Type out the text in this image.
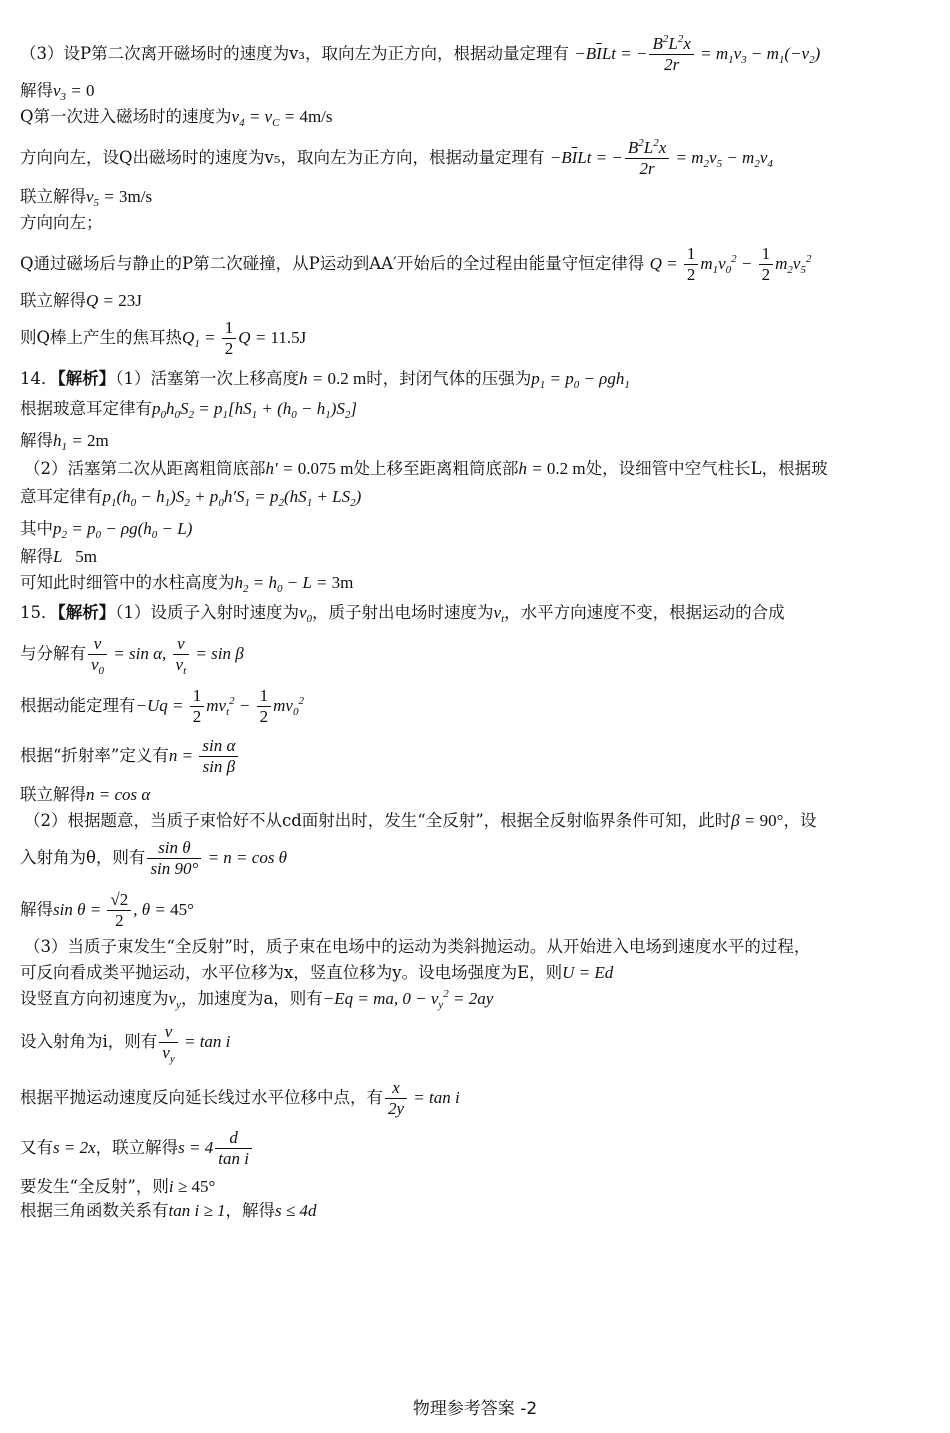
（3）设P第二次离开磁场时的速度为v₃，取向左为正方向，根据动量定理有 $-B\overline{I}Lt$ = − $\frac{B^2L^2x}{2r} = m_1v_3 - m_1(-v_2)$
解得$v_3 = 0$
Q第一次进入磁场时的速度为$v_4 = v_C = 4m/s$
方向向左，设Q出磁场时的速度为v₅，取向左为正方向，根据动量定理有 $-B\overline{I}Lt$ = − $\frac{B^2L^2x}{2r} = m_2v_5 - m_2v_4$
联立解得$v_5 = 3m/s$
方向向左；
Q通过磁场后与静止的P第二次碰撞，从P运动到AA′开始后的全过程由能量守恒定律得 $Q = \frac{1}{2} m_1v_0^2 - \frac{1}{2} m_2v_5^2$
联立解得Q = 23J
则Q棒上产生的焦耳热$Q_1 = \frac{1}{2}$ Q = 11.5J
14．【解析】（1）活塞第一次上移高度h = 0.2 m时，封闭气体的压强为$p_1 = p_0 - \rho gh_1$
根据玻意耳定律有$p_0h_0S_2 = p_1[hS_1 + (h_0 - h_1)S_2]$
解得$h_1 = 2m$
（2）活塞第二次从距离粗筒底部h′ = 0.075 m处上移至距离粗筒底部h = 0.2 m处，设细管中空气柱长L，根据玻
意耳定律有$p_1(h_0 - h_1)S_2 + p_0h'S_1 = p_2(hS_1 + LS_2)$
其中$p_2 = p_0 - \rho g(h_0 - L)$
解得L   5m
可知此时细管中的水柱高度为$h_2 = h_0 - L = 3m$
15．【解析】（1）设质子入射时速度为$v_0$，质子射出电场时速度为$v_t$，水平方向速度不变，根据运动的合成
与分解有 $\frac{v}{v_0} = \sin \alpha$, $\frac{v}{v_t} = \sin \beta$
根据动能定理有$-Uq = \frac{1}{2} mv_t^2 - \frac{1}{2} mv_0^2$
根据“折射率”定义有$n = \frac{\text{sin α}}{\text{sin β}}$
联立解得n = cos α
（2）根据题意，当质子束恰好不从cd面射出时，发生“全反射”，根据全反射临界条件可知，此时β = 90°，设
入射角为θ，则有 $\frac{\text{sin θ}}{\sin 90^\circ} = n = \cos \theta$
解得$\sin \theta = \frac{√2}{2}$ , θ = 45°
（3）当质子束发生“全反射”时，质子束在电场中的运动为类斜抛运动。从开始进入电场到速度水平的过程，
可反向看成类平抛运动，水平位移为x，竖直位移为y。设电场强度为E，则U = Ed
设竖直方向初速度为$v_y$，加速度为a，则有−Eq = ma, $0 - v_y^2 = 2ay$
设入射角为i，则有 $\frac{v}{v_y} = \tan i$
根据平抛运动速度反向延长线过水平位移中点，有 $\frac{x}{2y} = \tan i$
又有s = 2x，联立解得$s = 4 \frac{d}{\text{tan i}}$
要发生“全反射”，则i ≥ 45°
根据三角函数关系有tan i ≥ 1，解得s ≤ 4d
物理参考答案 -2
